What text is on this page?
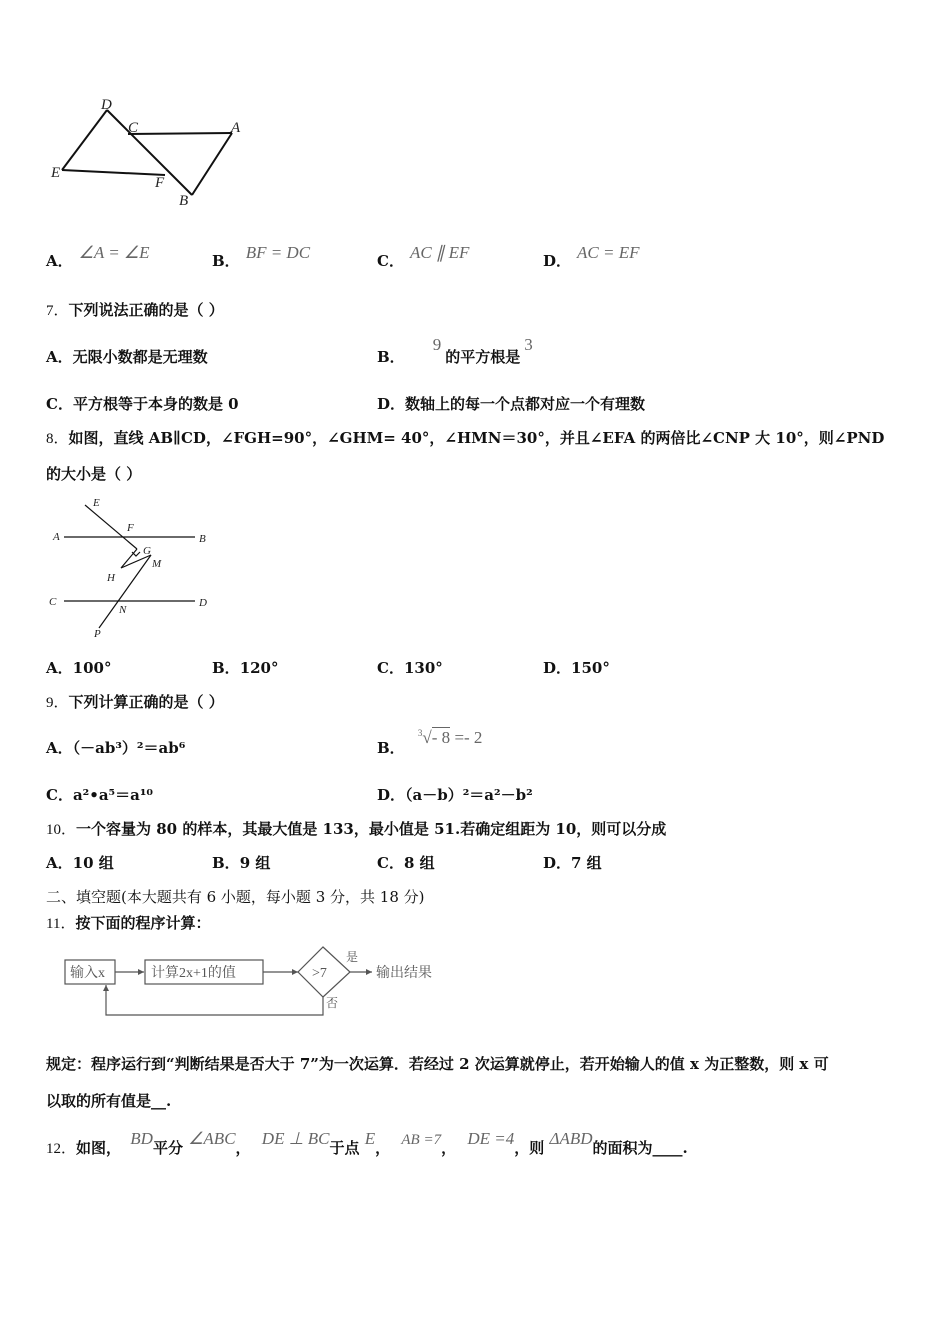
D
C	A
E
F
B
A． ∠A = ∠E	B． BF = DC	C． AC ∥ EF	D． AC = EF
7．下列说法正确的是（ ）
A．无限小数都是无理数	B．9的平方根是3
C．平方根等于本身的数是 0	D．数轴上的每一个点都对应一个有理数
8．如图，直线 AB∥CD，∠FGH=90°，∠GHM= 40°，∠HMN＝30°，并且∠EFA 的两倍比∠CNP 大 10°，则∠PND
的大小是（ ）
E
A
F
B
G
M
H
C
N
D
P
A．100°	B．120°	C．130°	D．150°
9．下列计算正确的是（ ）
A．（－ab³）²＝ab⁶	B． $^3$√- 8 =- 2
C．a²•a⁵＝a¹⁰	D．（a－b）²＝a²－b²
10．一个容量为 80 的样本，其最大值是 133，最小值是 51.若确定组距为 10，则可以分成
A．10 组	B．9 组	C．8 组	D．7 组
二、填空题(本大题共有 6 小题，每小题 3 分，共 18 分)
11．按下面的程序计算：
输入x	计算2x+1的值	>7
是
否
输出结果
规定：程序运行到“判断结果是否大于 7”为一次运算．若经过 2 次运算就停止，若开始输人的值 x 为正整数，则 x 可
以取的所有值是__.
12．如图， BD平分 ∠ABC， DE ⊥ BC于点 E， AB =7， DE =4，则 ΔABD的面积为____.
